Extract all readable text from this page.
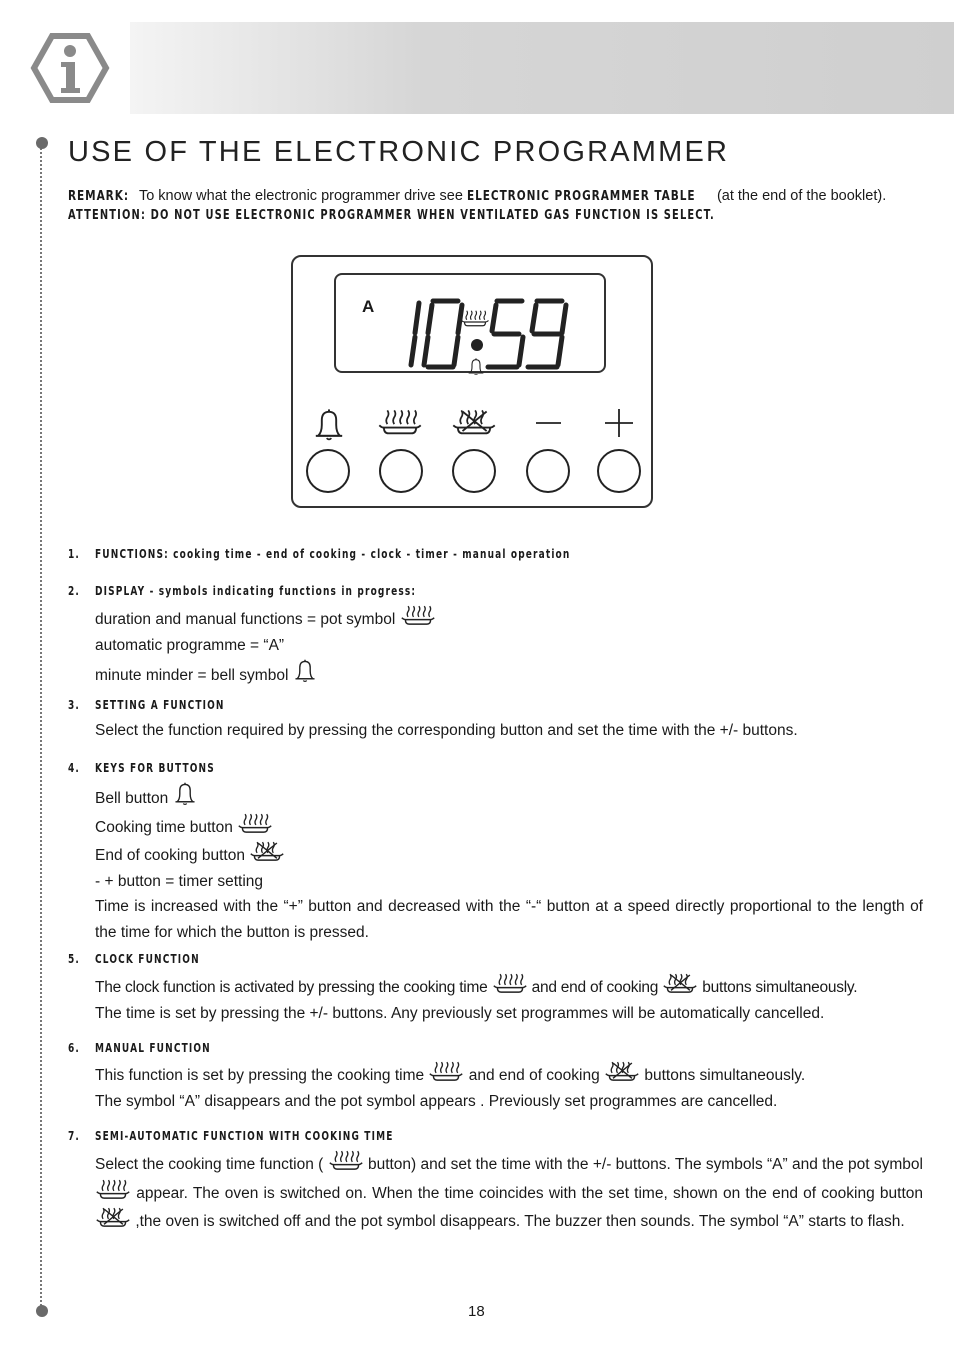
USE OF THE ELECTRONIC PROGRAMMER
REMARK: To know what the electronic programmer drive see ELECTRONIC PROGRAMMER TABLE (at the end of the booklet).
ATTENTION: DO NOT USE ELECTRONIC PROGRAMMER WHEN VENTILATED GAS FUNCTION IS SELECT.
A
1. FUNCTIONS: cooking time - end of cooking - clock - timer - manual operation
2. DISPLAY - symbols indicating functions in progress:
duration and manual functions = pot symbol
automatic programme = “A”
minute minder = bell symbol
3. SETTING A FUNCTION
Select the function required by pressing the corresponding button and set the time with the +/- buttons.
4. KEYS FOR BUTTONS
Bell button
Cooking time button
End of cooking button
- + button = timer setting
Time is increased with the “+” button and decreased with the “-“ button at a speed directly proportional to the length of the time for which the button is pressed.
5. CLOCK FUNCTION
The clock function is activated by pressing the cooking time	and end of cooking	buttons simultaneously.
The time is set by pressing the +/- buttons. Any previously set programmes will be automatically cancelled.
6. MANUAL FUNCTION
This function is set by pressing the cooking time	and end of cooking	buttons simultaneously.
The symbol “A” disappears and the pot symbol appears . Previously set programmes are cancelled.
7. SEMI-AUTOMATIC FUNCTION WITH COOKING TIME
Select the cooking time function (	button) and set the time with the +/- buttons. The symbols “A” and the pot symbol  appear. The oven is switched on. When the time coincides with the set time, shown on the end of cooking button  ,the oven is switched off and the pot symbol disappears. The buzzer then sounds. The symbol “A” starts to flash.
18
